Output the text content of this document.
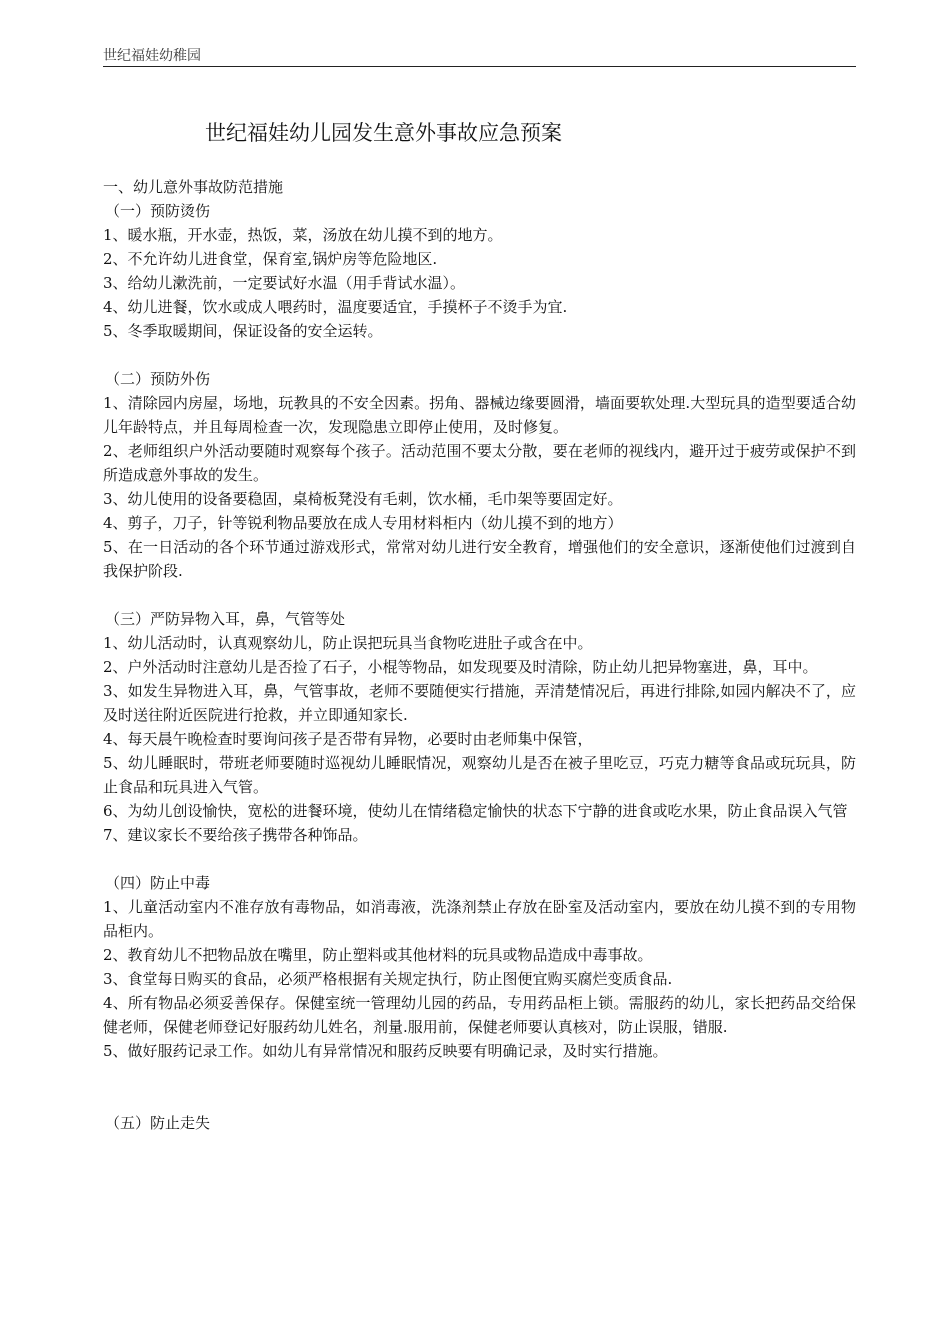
世纪福娃幼稚园
世纪福娃幼儿园发生意外事故应急预案

一、幼儿意外事故防范措施

（一）预防烫伤

1、暖水瓶，开水壶，热饭，菜，汤放在幼儿摸不到的地方。

2、不允许幼儿进食堂，保育室,锅炉房等危险地区.

3、给幼儿漱洗前，一定要试好水温（用手背试水温）。

4、幼儿进餐，饮水或成人喂药时，温度要适宜，手摸杯子不烫手为宜.

5、冬季取暖期间，保证设备的安全运转。

（二）预防外伤

1、清除园内房屋，场地，玩教具的不安全因素。拐角、器械边缘要圆滑，墙面要软处理.大型玩具的造型要适合幼儿年龄特点，并且每周检查一次，发现隐患立即停止使用，及时修复。

2、老师组织户外活动要随时观察每个孩子。活动范围不要太分散，要在老师的视线内，避开过于疲劳或保护不到所造成意外事故的发生。

3、幼儿使用的设备要稳固，桌椅板凳没有毛刺，饮水桶，毛巾架等要固定好。

4、剪子，刀子，针等锐利物品要放在成人专用材料柜内（幼儿摸不到的地方）

5、在一日活动的各个环节通过游戏形式，常常对幼儿进行安全教育，增强他们的安全意识，逐渐使他们过渡到自我保护阶段.

（三）严防异物入耳，鼻，气管等处

1、幼儿活动时，认真观察幼儿，防止误把玩具当食物吃进肚子或含在中。

2、户外活动时注意幼儿是否捡了石子，小棍等物品，如发现要及时清除，防止幼儿把异物塞进，鼻，耳中。

3、如发生异物进入耳，鼻，气管事故，老师不要随便实行措施，弄清楚情况后，再进行排除,如园内解决不了，应及时送往附近医院进行抢救，并立即通知家长.

4、每天晨午晚检查时要询问孩子是否带有异物，必要时由老师集中保管，

5、幼儿睡眠时，带班老师要随时巡视幼儿睡眠情况，观察幼儿是否在被子里吃豆，巧克力糖等食品或玩玩具，防止食品和玩具进入气管。

6、为幼儿创设愉快，宽松的进餐环境，使幼儿在情绪稳定愉快的状态下宁静的进食或吃水果，防止食品误入气管

7、建议家长不要给孩子携带各种饰品。

（四）防止中毒

1、儿童活动室内不准存放有毒物品，如消毒液，洗涤剂禁止存放在卧室及活动室内，要放在幼儿摸不到的专用物品柜内。

2、教育幼儿不把物品放在嘴里，防止塑料或其他材料的玩具或物品造成中毒事故。

3、食堂每日购买的食品，必须严格根据有关规定执行，防止图便宜购买腐烂变质食品.

4、所有物品必须妥善保存。保健室统一管理幼儿园的药品，专用药品柜上锁。需服药的幼儿，家长把药品交给保健老师，保健老师登记好服药幼儿姓名，剂量.服用前，保健老师要认真核对，防止误服，错服.

5、做好服药记录工作。如幼儿有异常情况和服药反映要有明确记录，及时实行措施。

（五）防止走失
